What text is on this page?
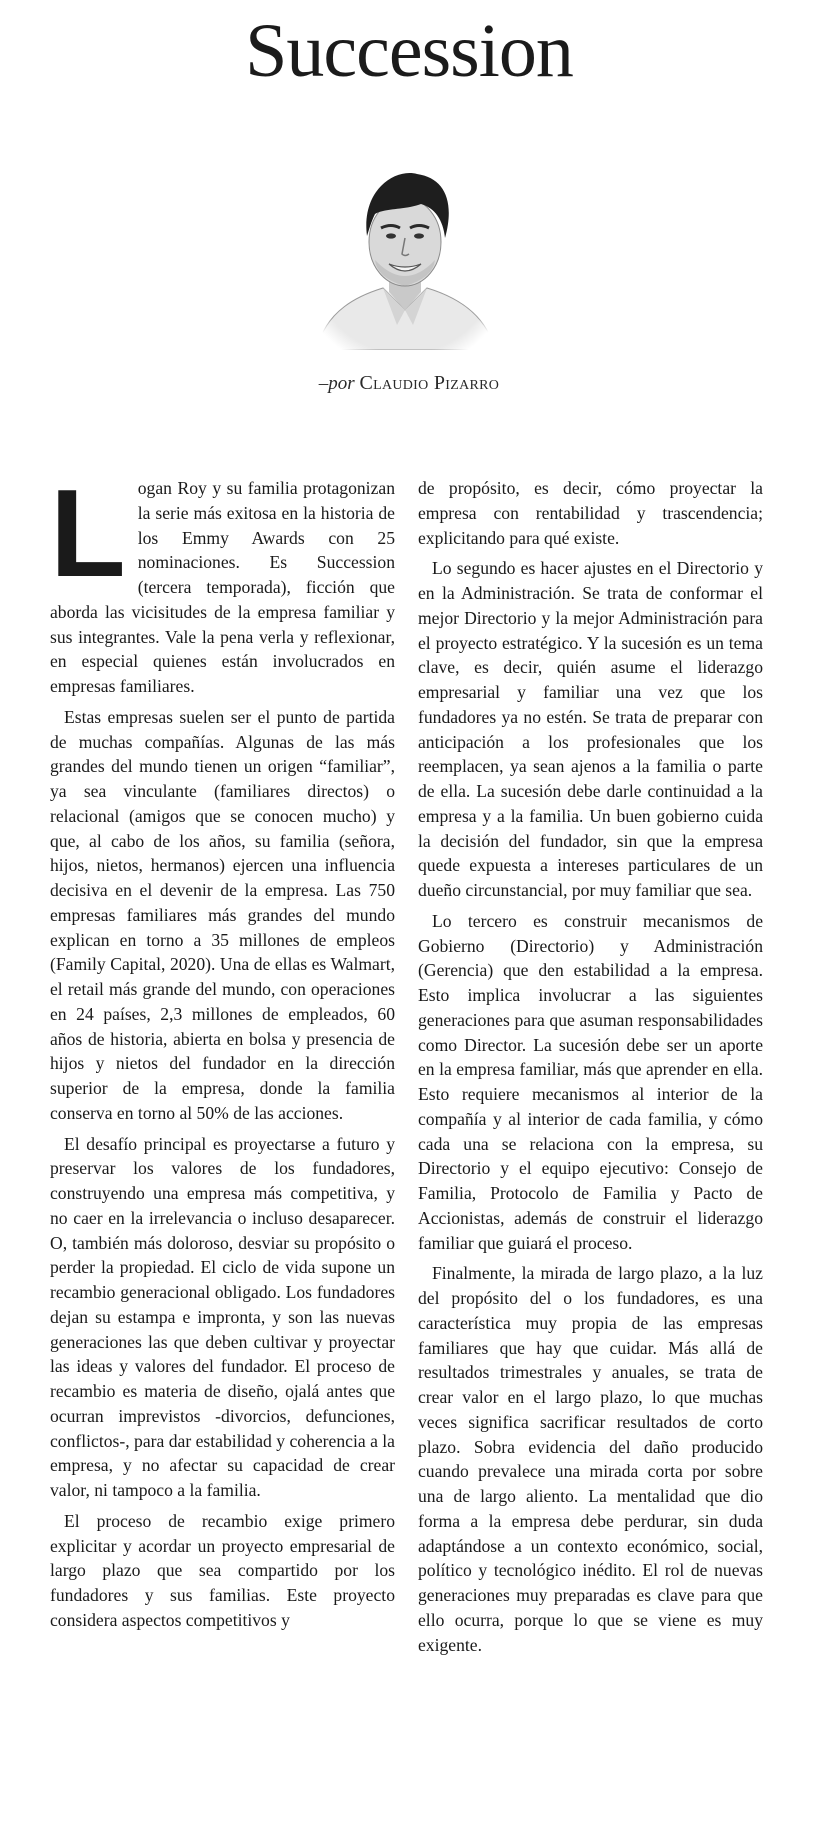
Succession
–por Claudio Pizarro

Logan Roy y su familia protagonizan la serie más exitosa en la historia de los Emmy Awards con 25 nominaciones. Es Succession (tercera temporada), ficción que aborda las vicisitudes de la empresa familiar y sus integrantes. Vale la pena verla y reflexionar, en especial quienes están involucrados en empresas familiares.

Estas empresas suelen ser el punto de partida de muchas compañías. Algunas de las más grandes del mundo tienen un origen “familiar”, ya sea vinculante (familiares directos) o relacional (amigos que se conocen mucho) y que, al cabo de los años, su familia (señora, hijos, nietos, hermanos) ejercen una influencia decisiva en el devenir de la empresa. Las 750 empresas familiares más grandes del mundo explican en torno a 35 millones de empleos (Family Capital, 2020). Una de ellas es Walmart, el retail más grande del mundo, con operaciones en 24 países, 2,3 millones de empleados, 60 años de historia, abierta en bolsa y presencia de hijos y nietos del fundador en la dirección superior de la empresa, donde la familia conserva en torno al 50% de las acciones.

El desafío principal es proyectarse a futuro y preservar los valores de los fundadores, construyendo una empresa más competitiva, y no caer en la irrelevancia o incluso desaparecer. O, también más doloroso, desviar su propósito o perder la propiedad. El ciclo de vida supone un recambio generacional obligado. Los fundadores dejan su estampa e impronta, y son las nuevas generaciones las que deben cultivar y proyectar las ideas y valores del fundador. El proceso de recambio es materia de diseño, ojalá antes que ocurran imprevistos -divorcios, defunciones, conflictos-, para dar estabilidad y coherencia a la empresa, y no afectar su capacidad de crear valor, ni tampoco a la familia.

El proceso de recambio exige primero explicitar y acordar un proyecto empresarial de largo plazo que sea compartido por los fundadores y sus familias. Este proyecto considera aspectos competitivos y

de propósito, es decir, cómo proyectar la empresa con rentabilidad y trascendencia; explicitando para qué existe.

Lo segundo es hacer ajustes en el Directorio y en la Administración. Se trata de conformar el mejor Directorio y la mejor Administración para el proyecto estratégico. Y la sucesión es un tema clave, es decir, quién asume el liderazgo empresarial y familiar una vez que los fundadores ya no estén. Se trata de preparar con anticipación a los profesionales que los reemplacen, ya sean ajenos a la familia o parte de ella. La sucesión debe darle continuidad a la empresa y a la familia. Un buen gobierno cuida la decisión del fundador, sin que la empresa quede expuesta a intereses particulares de un dueño circunstancial, por muy familiar que sea.

Lo tercero es construir mecanismos de Gobierno (Directorio) y Administración (Gerencia) que den estabilidad a la empresa. Esto implica involucrar a las siguientes generaciones para que asuman responsabilidades como Director. La sucesión debe ser un aporte en la empresa familiar, más que aprender en ella. Esto requiere mecanismos al interior de la compañía y al interior de cada familia, y cómo cada una se relaciona con la empresa, su Directorio y el equipo ejecutivo: Consejo de Familia, Protocolo de Familia y Pacto de Accionistas, además de construir el liderazgo familiar que guiará el proceso.

Finalmente, la mirada de largo plazo, a la luz del propósito del o los fundadores, es una característica muy propia de las empresas familiares que hay que cuidar. Más allá de resultados trimestrales y anuales, se trata de crear valor en el largo plazo, lo que muchas veces significa sacrificar resultados de corto plazo. Sobra evidencia del daño producido cuando prevalece una mirada corta por sobre una de largo aliento. La mentalidad que dio forma a la empresa debe perdurar, sin duda adaptándose a un contexto económico, social, político y tecnológico inédito. El rol de nuevas generaciones muy preparadas es clave para que ello ocurra, porque lo que se viene es muy exigente.
